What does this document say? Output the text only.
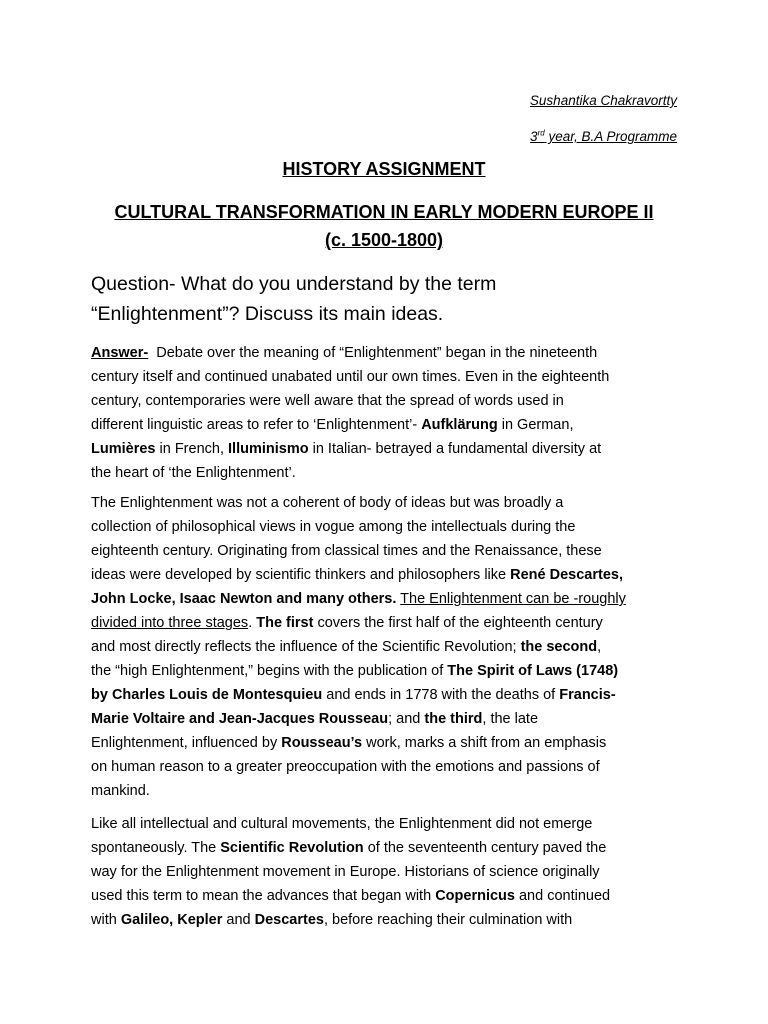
Sushantika Chakravortty
3rd year, B.A Programme
HISTORY ASSIGNMENT
CULTURAL TRANSFORMATION IN EARLY MODERN EUROPE II
(c. 1500-1800)
Question- What do you understand by the term
“Enlightenment”? Discuss its main ideas.
Answer-  Debate over the meaning of “Enlightenment” began in the nineteenth
century itself and continued unabated until our own times. Even in the eighteenth
century, contemporaries were well aware that the spread of words used in
different linguistic areas to refer to ‘Enlightenment’- Aufklärung in German,
Lumières in French, Illuminismo in Italian- betrayed a fundamental diversity at
the heart of ‘the Enlightenment’.
The Enlightenment was not a coherent of body of ideas but was broadly a
collection of philosophical views in vogue among the intellectuals during the
eighteenth century. Originating from classical times and the Renaissance, these
ideas were developed by scientific thinkers and philosophers like René Descartes,
John Locke, Isaac Newton and many others. The Enlightenment can be -roughly
divided into three stages. The first covers the first half of the eighteenth century
and most directly reflects the influence of the Scientific Revolution; the second,
the “high Enlightenment,” begins with the publication of The Spirit of Laws (1748)
by Charles Louis de Montesquieu and ends in 1778 with the deaths of Francis-
Marie Voltaire and Jean-Jacques Rousseau; and the third, the late
Enlightenment, influenced by Rousseau’s work, marks a shift from an emphasis
on human reason to a greater preoccupation with the emotions and passions of
mankind.
Like all intellectual and cultural movements, the Enlightenment did not emerge
spontaneously. The Scientific Revolution of the seventeenth century paved the
way for the Enlightenment movement in Europe. Historians of science originally
used this term to mean the advances that began with Copernicus and continued
with Galileo, Kepler and Descartes, before reaching their culmination with
